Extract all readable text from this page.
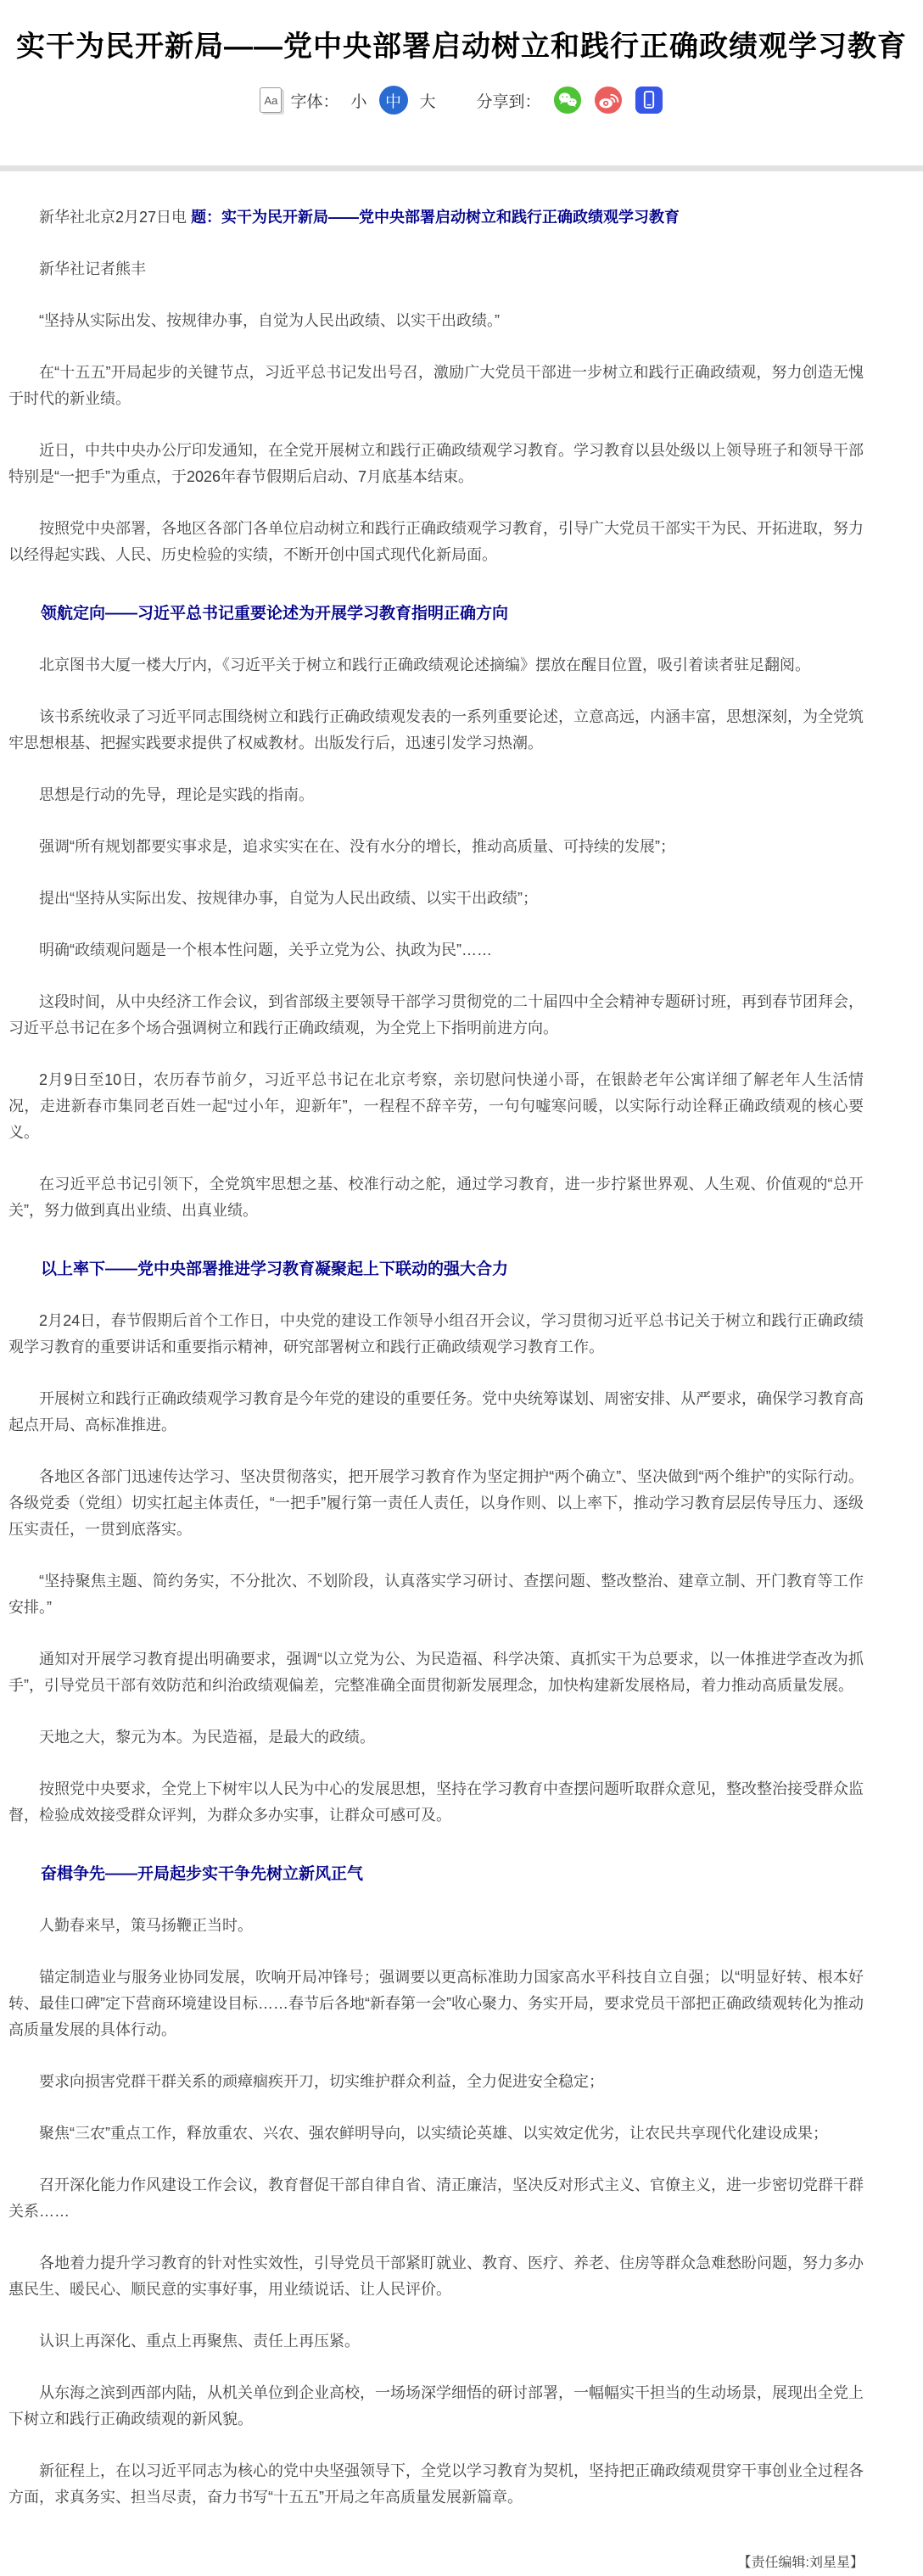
实干为民开新局——党中央部署启动树立和践行正确政绩观学习教育
Aa 字体： 小	中	大	分享到：

新华社北京2月27日电 题：实干为民开新局——党中央部署启动树立和践行正确政绩观学习教育

新华社记者熊丰

“坚持从实际出发、按规律办事，自觉为人民出政绩、以实干出政绩。”

在“十五五”开局起步的关键节点，习近平总书记发出号召，激励广大党员干部进一步树立和践行正确政绩观，努力创造无愧于时代的新业绩。

近日，中共中央办公厅印发通知，在全党开展树立和践行正确政绩观学习教育。学习教育以县处级以上领导班子和领导干部特别是“一把手”为重点，于2026年春节假期后启动、7月底基本结束。

按照党中央部署，各地区各部门各单位启动树立和践行正确政绩观学习教育，引导广大党员干部实干为民、开拓进取，努力以经得起实践、人民、历史检验的实绩，不断开创中国式现代化新局面。

领航定向——习近平总书记重要论述为开展学习教育指明正确方向

北京图书大厦一楼大厅内，《习近平关于树立和践行正确政绩观论述摘编》摆放在醒目位置，吸引着读者驻足翻阅。

该书系统收录了习近平同志围绕树立和践行正确政绩观发表的一系列重要论述，立意高远，内涵丰富，思想深刻，为全党筑牢思想根基、把握实践要求提供了权威教材。出版发行后，迅速引发学习热潮。

思想是行动的先导，理论是实践的指南。

强调“所有规划都要实事求是，追求实实在在、没有水分的增长，推动高质量、可持续的发展”；

提出“坚持从实际出发、按规律办事，自觉为人民出政绩、以实干出政绩”；

明确“政绩观问题是一个根本性问题，关乎立党为公、执政为民”……

这段时间，从中央经济工作会议，到省部级主要领导干部学习贯彻党的二十届四中全会精神专题研讨班，再到春节团拜会，习近平总书记在多个场合强调树立和践行正确政绩观，为全党上下指明前进方向。

2月9日至10日，农历春节前夕，习近平总书记在北京考察，亲切慰问快递小哥，在银龄老年公寓详细了解老年人生活情况，走进新春市集同老百姓一起“过小年，迎新年”，一程程不辞辛劳，一句句嘘寒问暖，以实际行动诠释正确政绩观的核心要义。

在习近平总书记引领下，全党筑牢思想之基、校准行动之舵，通过学习教育，进一步拧紧世界观、人生观、价值观的“总开关”，努力做到真出业绩、出真业绩。

以上率下——党中央部署推进学习教育凝聚起上下联动的强大合力

2月24日，春节假期后首个工作日，中央党的建设工作领导小组召开会议，学习贯彻习近平总书记关于树立和践行正确政绩观学习教育的重要讲话和重要指示精神，研究部署树立和践行正确政绩观学习教育工作。

开展树立和践行正确政绩观学习教育是今年党的建设的重要任务。党中央统筹谋划、周密安排、从严要求，确保学习教育高起点开局、高标准推进。

各地区各部门迅速传达学习、坚决贯彻落实，把开展学习教育作为坚定拥护“两个确立”、坚决做到“两个维护”的实际行动。各级党委（党组）切实扛起主体责任，“一把手”履行第一责任人责任，以身作则、以上率下，推动学习教育层层传导压力、逐级压实责任，一贯到底落实。

“坚持聚焦主题、简约务实，不分批次、不划阶段，认真落实学习研讨、查摆问题、整改整治、建章立制、开门教育等工作安排。”

通知对开展学习教育提出明确要求，强调“以立党为公、为民造福、科学决策、真抓实干为总要求，以一体推进学查改为抓手”，引导党员干部有效防范和纠治政绩观偏差，完整准确全面贯彻新发展理念，加快构建新发展格局，着力推动高质量发展。

天地之大，黎元为本。为民造福，是最大的政绩。

按照党中央要求，全党上下树牢以人民为中心的发展思想，坚持在学习教育中查摆问题听取群众意见，整改整治接受群众监督，检验成效接受群众评判，为群众多办实事，让群众可感可及。

奋楫争先——开局起步实干争先树立新风正气

人勤春来早，策马扬鞭正当时。

锚定制造业与服务业协同发展，吹响开局冲锋号；强调要以更高标准助力国家高水平科技自立自强；以“明显好转、根本好转、最佳口碑”定下营商环境建设目标……春节后各地“新春第一会”收心聚力、务实开局，要求党员干部把正确政绩观转化为推动高质量发展的具体行动。

要求向损害党群干群关系的顽瘴痼疾开刀，切实维护群众利益，全力促进安全稳定；

聚焦“三农”重点工作，释放重农、兴农、强农鲜明导向，以实绩论英雄、以实效定优劣，让农民共享现代化建设成果；

召开深化能力作风建设工作会议，教育督促干部自律自省、清正廉洁，坚决反对形式主义、官僚主义，进一步密切党群干群关系……

各地着力提升学习教育的针对性实效性，引导党员干部紧盯就业、教育、医疗、养老、住房等群众急难愁盼问题，努力多办惠民生、暖民心、顺民意的实事好事，用业绩说话、让人民评价。

认识上再深化、重点上再聚焦、责任上再压紧。

从东海之滨到西部内陆，从机关单位到企业高校，一场场深学细悟的研讨部署，一幅幅实干担当的生动场景，展现出全党上下树立和践行正确政绩观的新风貌。

新征程上，在以习近平同志为核心的党中央坚强领导下，全党以学习教育为契机，坚持把正确政绩观贯穿干事创业全过程各方面，求真务实、担当尽责，奋力书写“十五五”开局之年高质量发展新篇章。

【责任编辑:刘星星】
